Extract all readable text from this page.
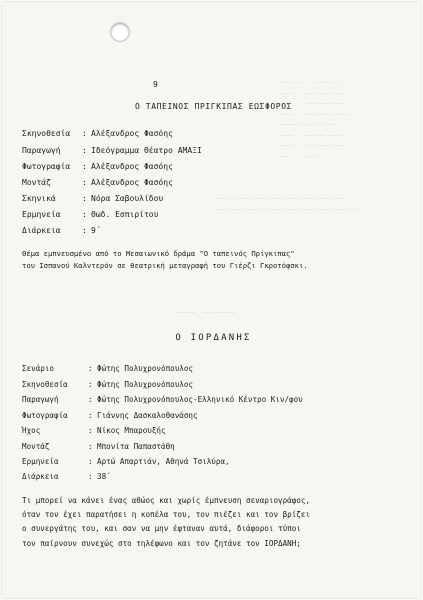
——— —— —  — ——— —
————   ——— ———— ——
———     ——— —— ———
————   ———— ——— —— —
————— ——— ——— ——
————   ——— —— ——— —
————    ——— —— ———
———    —— ——
——— —— ——— ——— ———— ——— ———— ——— ———
——— ——— ——— —— ——— ———— ——— ——— ———— ——
——————  ——— —————
9
Ο ΤΑΠΕΙΝΟΣ ΠΡΙΓΚΙΠΑΣ ΕΩΣΦΟΡΟΣ
Σκηνοθεσία : Αλέξανδρος Φασόης
Παραγωγή	: Ιδεόγραμμα Θέατρο AMAΞΙ
Φωτογραφία : Αλέξανδρος Φασόης
Μοντάζ	: Αλέξανδρος Φασόης
Σκηνικά	: Νόρα Σαβουλίδου
Ερμηνεία	: Θωδ. Εσπιρίτου
Διάρκεια	: 9΄
Θέμα εμπνευσμένο από το Μεσαιωνικό δράμα "Ο ταπεινός Πρίγκιπας"
του Ισπανού Καλντερόν σε θεατρική μεταγραφή του Γιέρζι Γκροτόφσκι.
Ο ΙΟΡΔΑΝΗΣ
Σενάριο	: Φώτης Πολυχρονόπουλος
Σκηνοθεσία	: Φώτης Πολυχρονόπουλος
Παραγωγή	: Φώτης Πολυχρονόπουλος-Ελληνικό Κέντρο Κιν/φου
Φωτογραφία	: Γιάννης Δασκαλοθανάσης
Ήχος	: Νίκος Μπαρουξής
Μοντάζ	: Μπονίτα Παπαστάθη
Ερμηνεία	: Αρτώ Απαρτιάν, Αθηνά Τσιλύρα,
Διάρκεια	: 38΄
Τι μπορεί να κάνει ένας αθώος και χωρίς έμπνευση σεναριογράφος,
όταν τον έχει παρατήσει η κοπέλα του, τον πιέζει και τον βρίζει
ο συνεργάτης του, και σαν να μην έφταναν αυτά, διάφοροι τύποι
τον παίρνουν συνεχώς στο τηλέφωνο και τον ζητάνε τον ΙΟΡΔΑΝΗ;
